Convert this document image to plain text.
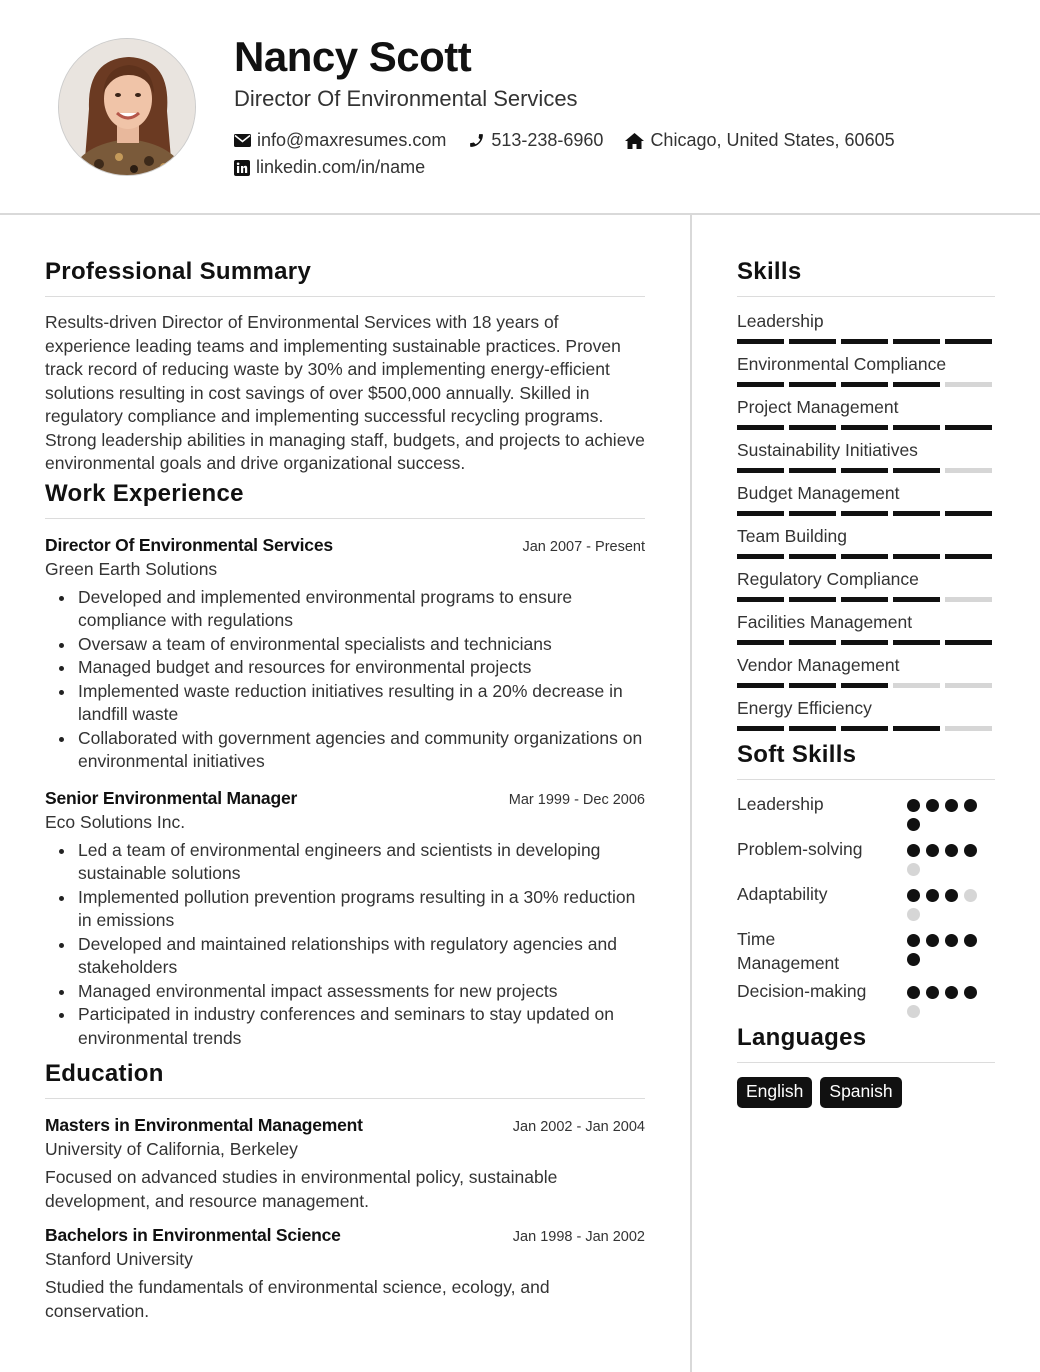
Nancy Scott
Director Of Environmental Services
info@maxresumes.com	513-238-6960	Chicago, United States, 60605
linkedin.com/in/name
Professional Summary

Results-driven Director of Environmental Services with 18 years of experience leading teams and implementing sustainable practices. Proven track record of reducing waste by 30% and implementing energy-efficient solutions resulting in cost savings of over $500,000 annually. Skilled in regulatory compliance and implementing successful recycling programs. Strong leadership abilities in managing staff, budgets, and projects to achieve environmental goals and drive organizational success.

Work Experience
Director Of Environmental Services	Jan 2007 - Present
Green Earth Solutions
Developed and implemented environmental programs to ensure compliance with regulations
Oversaw a team of environmental specialists and technicians
Managed budget and resources for environmental projects
Implemented waste reduction initiatives resulting in a 20% decrease in landfill waste
Collaborated with government agencies and community organizations on environmental initiatives
Senior Environmental Manager	Mar 1999 - Dec 2006
Eco Solutions Inc.
Led a team of environmental engineers and scientists in developing sustainable solutions
Implemented pollution prevention programs resulting in a 30% reduction in emissions
Developed and maintained relationships with regulatory agencies and stakeholders
Managed environmental impact assessments for new projects
Participated in industry conferences and seminars to stay updated on environmental trends
Education
Masters in Environmental Management	Jan 2002 - Jan 2004
University of California, Berkeley

Focused on advanced studies in environmental policy, sustainable development, and resource management.

Bachelors in Environmental Science	Jan 1998 - Jan 2002
Stanford University

Studied the fundamentals of environmental science, ecology, and conservation.

Skills
Leadership
Environmental Compliance
Project Management
Sustainability Initiatives
Budget Management
Team Building
Regulatory Compliance
Facilities Management
Vendor Management
Energy Efficiency
Soft Skills
Leadership
Problem-solving
Adaptability
Time Management
Decision-making
Languages
English	Spanish
